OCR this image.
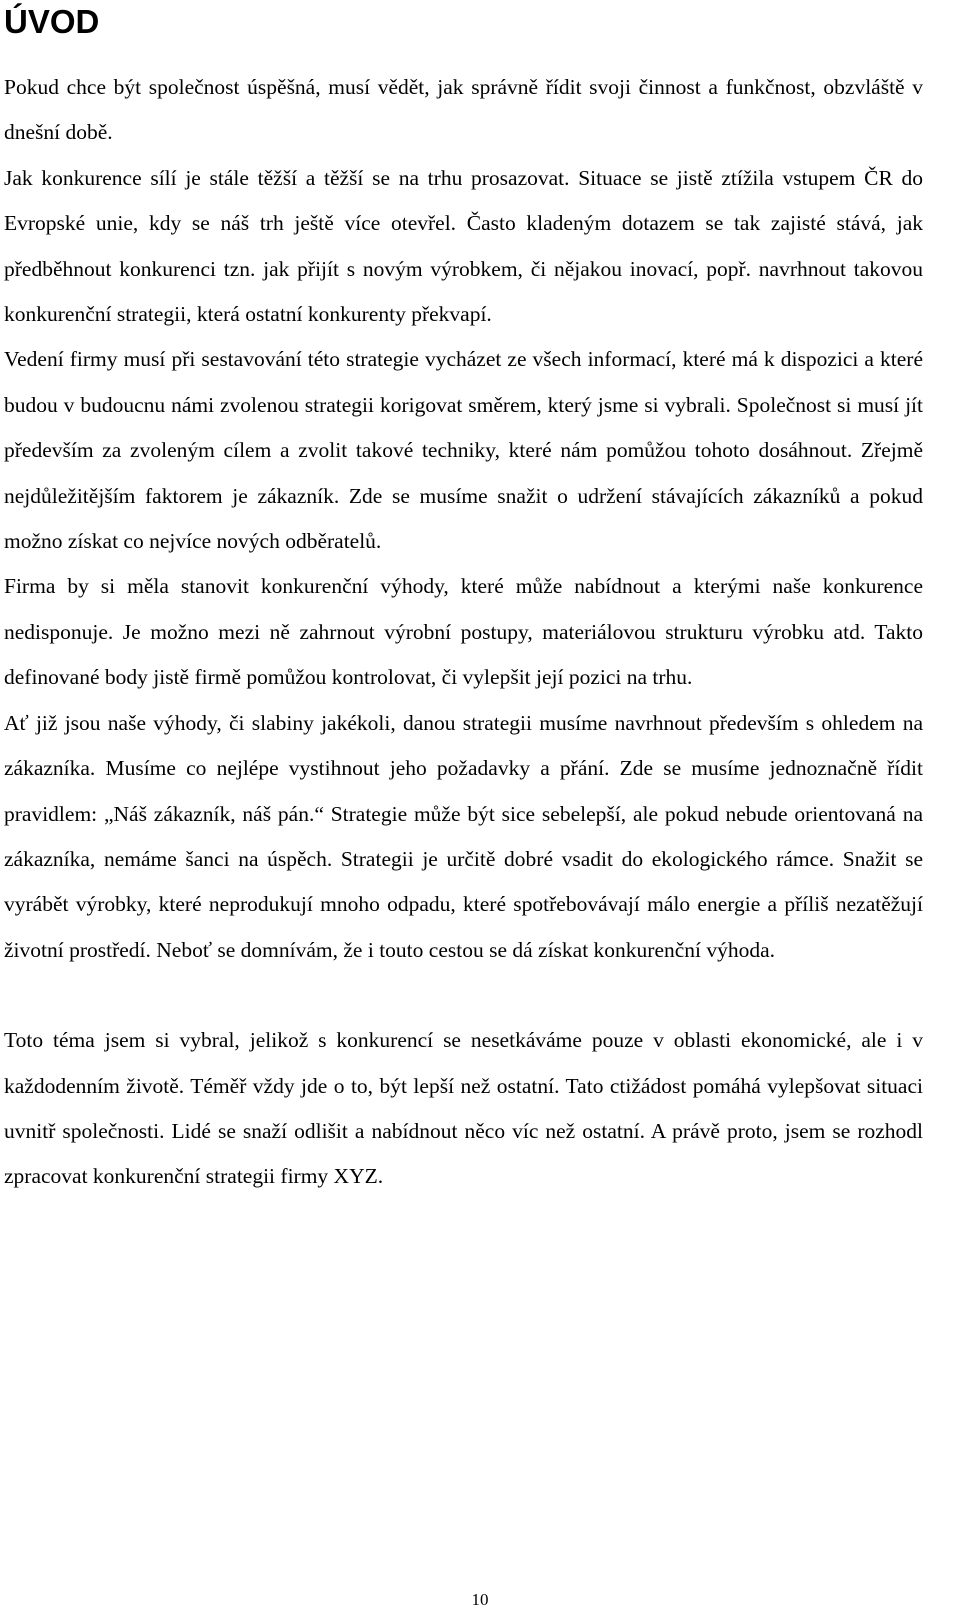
ÚVOD

Pokud chce být společnost úspěšná, musí vědět, jak správně řídit svoji činnost a funkčnost, obzvláště v dnešní době.

Jak konkurence sílí je stále těžší a těžší se na trhu prosazovat. Situace se jistě ztížila vstupem ČR do Evropské unie, kdy se náš trh ještě více otevřel. Často kladeným dotazem se tak zajisté stává, jak předběhnout konkurenci tzn. jak přijít s novým výrobkem, či nějakou inovací, popř. navrhnout takovou konkurenční strategii, která ostatní konkurenty překvapí.

Vedení firmy musí při sestavování této strategie vycházet ze všech informací, které má k dispozici a které budou v budoucnu námi zvolenou strategii korigovat směrem, který jsme si vybrali. Společnost si musí jít především za zvoleným cílem a zvolit takové techniky, které nám pomůžou tohoto dosáhnout. Zřejmě nejdůležitějším faktorem je zákazník. Zde se musíme snažit o udržení stávajících zákazníků a pokud možno získat co nejvíce nových odběratelů.

Firma by si měla stanovit konkurenční výhody, které může nabídnout a kterými naše konkurence nedisponuje. Je možno mezi ně zahrnout výrobní postupy, materiálovou strukturu výrobku atd. Takto definované body jistě firmě pomůžou kontrolovat, či vylepšit její pozici na trhu.

Ať již jsou naše výhody, či slabiny jakékoli, danou strategii musíme navrhnout především s ohledem na zákazníka. Musíme co nejlépe vystihnout jeho požadavky a přání. Zde se musíme jednoznačně řídit pravidlem: „Náš zákazník, náš pán.“ Strategie může být sice sebelepší, ale pokud nebude orientovaná na zákazníka, nemáme šanci na úspěch. Strategii je určitě dobré vsadit do ekologického rámce. Snažit se vyrábět výrobky, které neprodukují mnoho odpadu, které spotřebovávají málo energie a příliš nezatěžují životní prostředí. Neboť se domnívám, že i touto cestou se dá získat konkurenční výhoda.

Toto téma jsem si vybral, jelikož s konkurencí se nesetkáváme pouze v oblasti ekonomické, ale i v každodenním životě. Téměř vždy jde o to, být lepší než ostatní. Tato ctižádost pomáhá vylepšovat situaci uvnitř společnosti. Lidé se snaží odlišit a nabídnout něco víc než ostatní. A právě proto, jsem se rozhodl zpracovat konkurenční strategii firmy XYZ.

10
